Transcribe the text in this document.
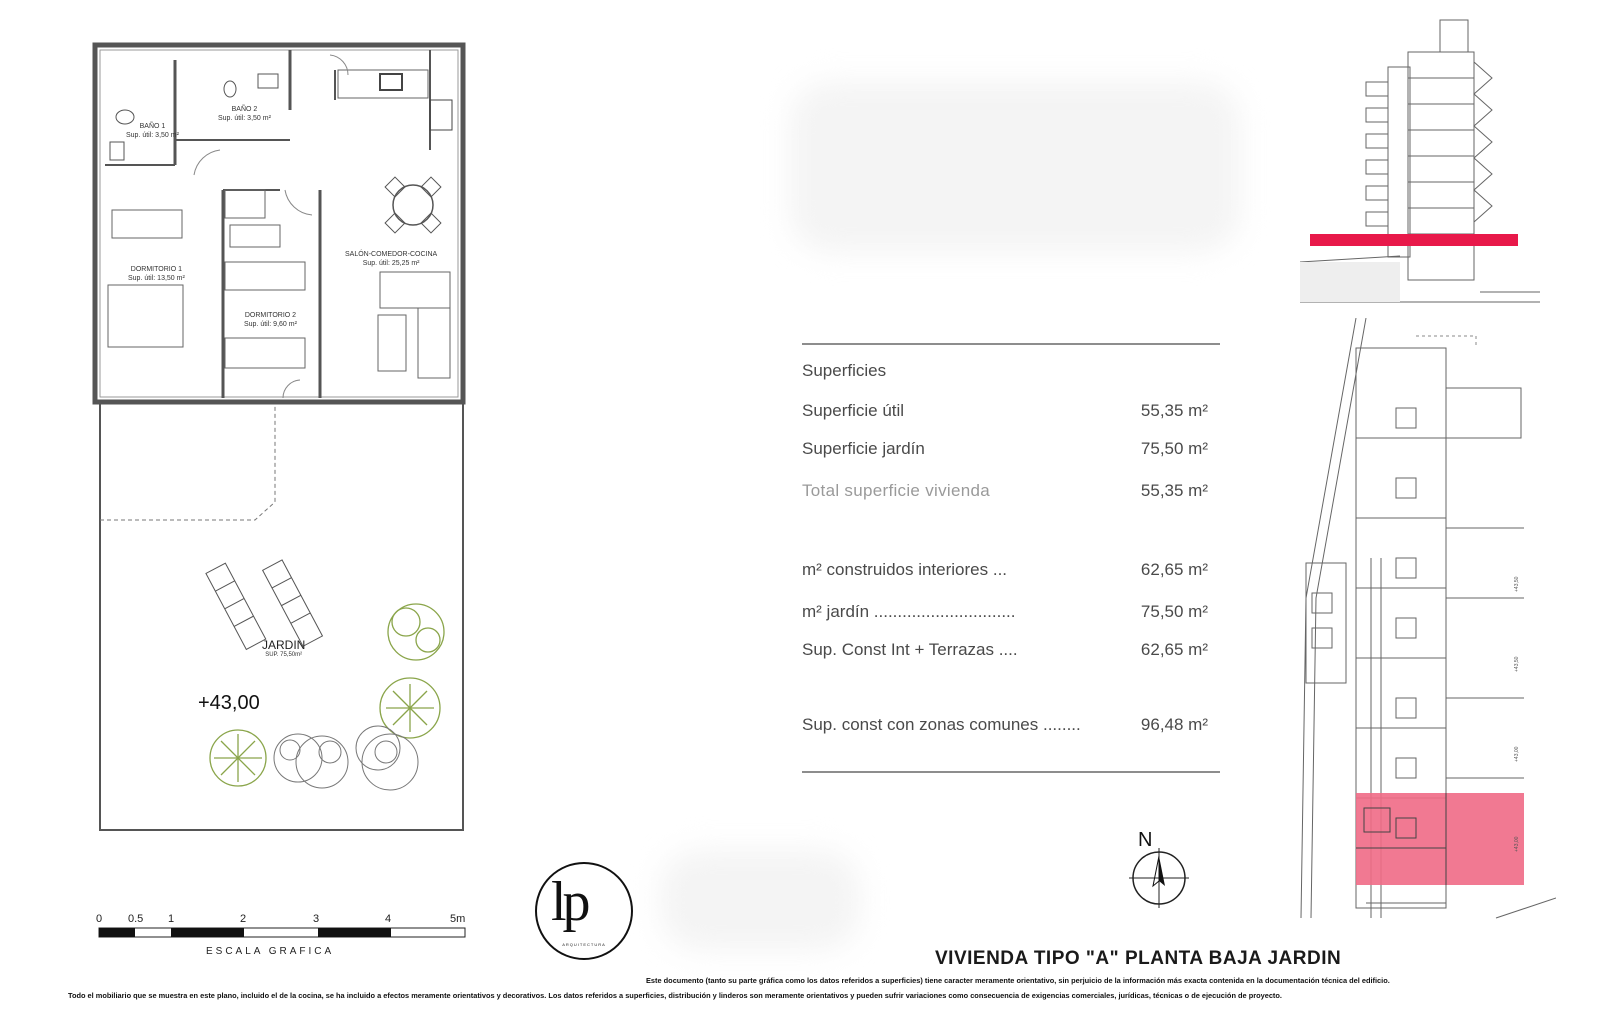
BAÑO 1
Sup. útil: 3,50 m²
BAÑO 2
Sup. útil: 3,50 m²
DORMITORIO 1
Sup. útil: 13,50 m²
DORMITORIO 2
Sup. útil: 9,60 m²
SALÓN-COMEDOR-COCINA
Sup. útil: 25,25 m²
JARDIN
SUP. 75,50m²
+43,00
0 0.5 1	2	3	4	5m
ESCALA GRAFICA
lp
ARQUITECTURA
Superficies
Superficie útil	55,35 m²
Superficie jardín	75,50 m²
Total superficie vivienda	55,35 m²
m² construidos interiores ...	62,65 m²
m² jardín ..............................	75,50 m²
Sup. Const Int + Terrazas ....	62,65 m²
Sup. const con zonas comunes ........	96,48 m²
N
+43,50
+43,50
+43,00
+43,00
VIVIENDA TIPO "A" PLANTA BAJA JARDIN
Este documento (tanto su parte gráfica como los datos referidos a superficies) tiene caracter meramente orientativo, sin perjuicio de la información más exacta contenida en la documentación técnica del edificio.
Todo el mobiliario que se muestra en este plano, incluido el de la cocina, se ha incluido a efectos meramente orientativos y decorativos. Los datos referidos a superficies, distribución y linderos son meramente orientativos y pueden sufrir variaciones como consecuencia de exigencias comerciales, jurídicas, técnicas o de ejecución de proyecto.
